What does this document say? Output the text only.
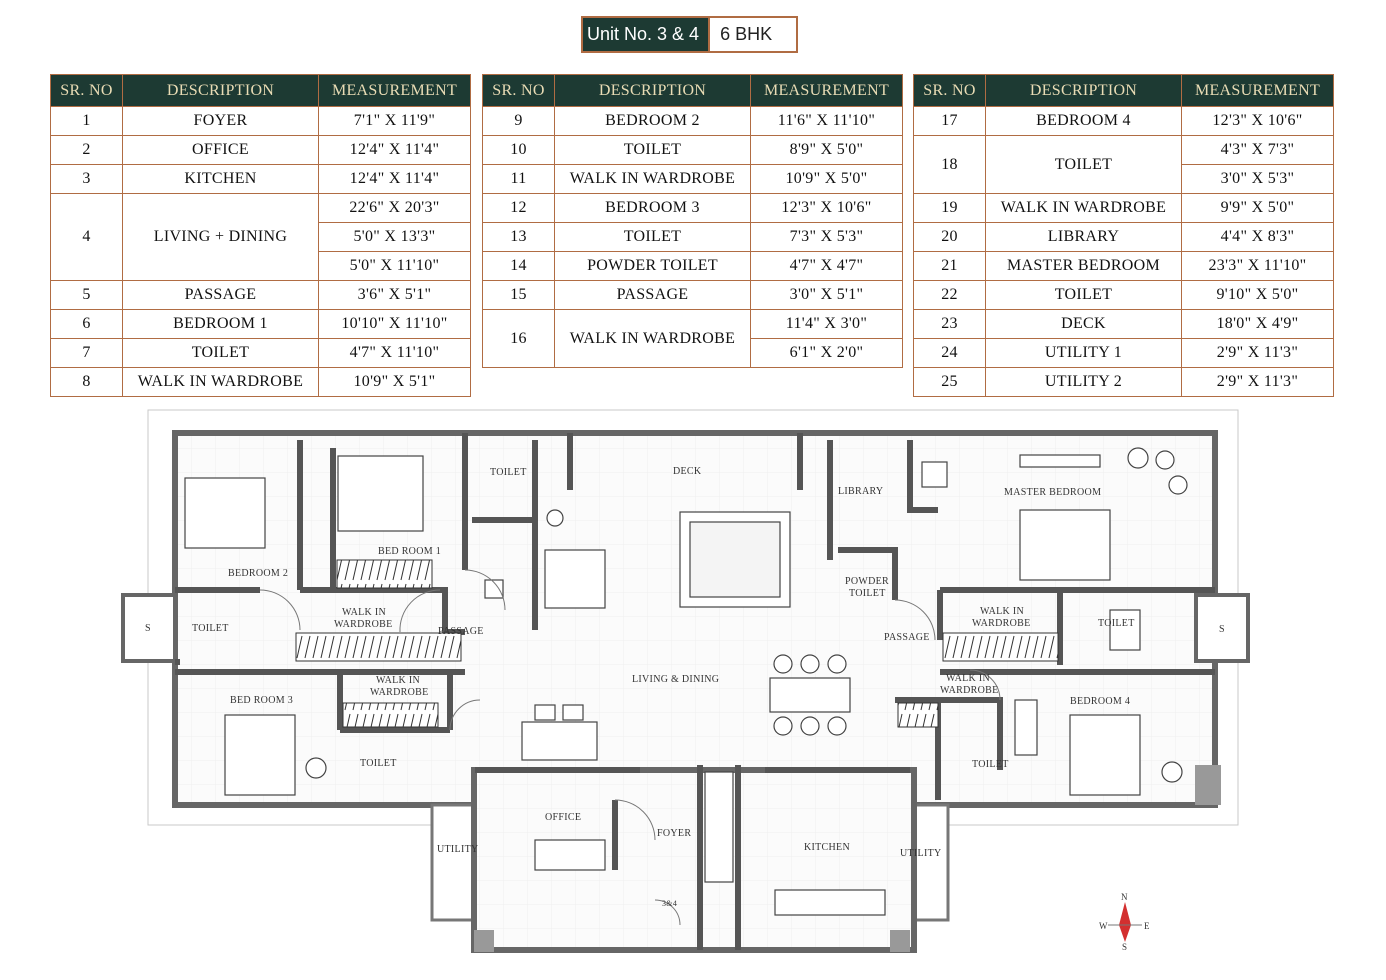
Unit No. 3 & 4	6 BHK
SR. NO	DESCRIPTION	MEASUREMENT
1	FOYER	7'1" X 11'9"
2	OFFICE	12'4" X 11'4"
3	KITCHEN	12'4" X 11'4"
4	LIVING + DINING	22'6" X 20'3"
		5'0" X 13'3"
		5'0" X 11'10"
5	PASSAGE	3'6" X 5'1"
6	BEDROOM 1	10'10" X 11'10"
7	TOILET	4'7" X 11'10"
8	WALK IN WARDROBE	10'9" X 5'1"
SR. NO	DESCRIPTION	MEASUREMENT
9	BEDROOM 2	11'6" X 11'10"
10	TOILET	8'9" X 5'0"
11	WALK IN WARDROBE	10'9" X 5'0"
12	BEDROOM 3	12'3" X 10'6"
13	TOILET	7'3" X 5'3"
14	POWDER TOILET	4'7" X 4'7"
15	PASSAGE	3'0" X 5'1"
16	WALK IN WARDROBE	11'4" X 3'0"
		6'1" X 2'0"
SR. NO	DESCRIPTION	MEASUREMENT
17	BEDROOM 4	12'3" X 10'6"
18	TOILET	4'3" X 7'3"
		3'0" X 5'3"
19	WALK IN WARDROBE	9'9" X 5'0"
20	LIBRARY	4'4" X 8'3"
21	MASTER BEDROOM	23'3" X 11'10"
22	TOILET	9'10" X 5'0"
23	DECK	18'0" X 4'9"
24	UTILITY 1	2'9" X 11'3"
25	UTILITY 2	2'9" X 11'3"
TOILET	DECK
LIBRARY	MASTER BEDROOM
BEDROOM 2
BED ROOM 1
POWDER
TOILET
TOILET
S
WALK IN
WARDROBE
PASSAGE
PASSAGE
WALK IN
WARDROBE	TOILET
S
WALK IN
WARDROBE
LIVING & DINING	WALK IN
WARDROBE
BED ROOM 3	BEDROOM 4
TOILET	TOILET
OFFICE
FOYER
KITCHEN
UTILITY	UTILITY
3&4
N
W	E
S
